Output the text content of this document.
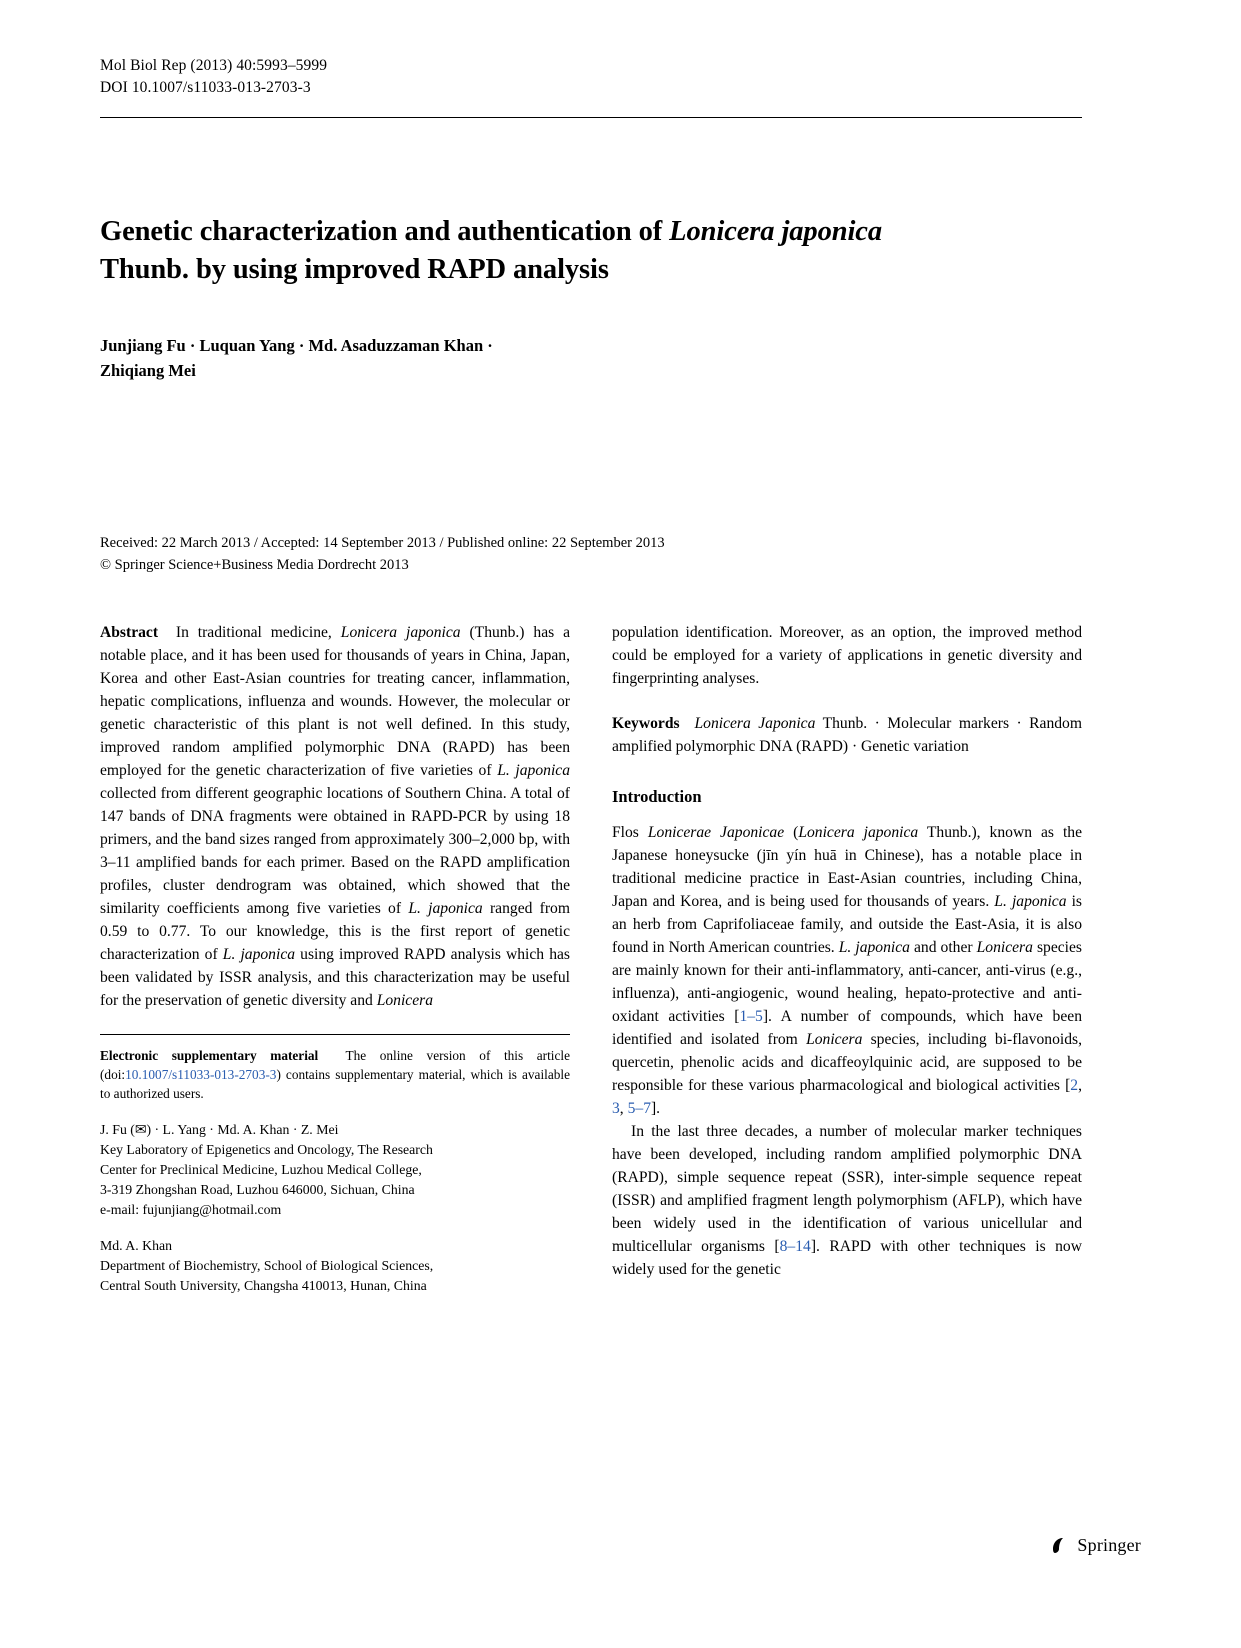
Mol Biol Rep (2013) 40:5993–5999
DOI 10.1007/s11033-013-2703-3
Genetic characterization and authentication of Lonicera japonica
Thunb. by using improved RAPD analysis
Junjiang Fu · Luquan Yang · Md. Asaduzzaman Khan ·
Zhiqiang Mei
Received: 22 March 2013 / Accepted: 14 September 2013 / Published online: 22 September 2013
© Springer Science+Business Media Dordrecht 2013

Abstract In traditional medicine, Lonicera japonica (Thunb.) has a notable place, and it has been used for thousands of years in China, Japan, Korea and other East-Asian countries for treating cancer, inflammation, hepatic complications, influenza and wounds. However, the molecular or genetic characteristic of this plant is not well defined. In this study, improved random amplified polymorphic DNA (RAPD) has been employed for the genetic characterization of five varieties of L. japonica collected from different geographic locations of Southern China. A total of 147 bands of DNA fragments were obtained in RAPD-PCR by using 18 primers, and the band sizes ranged from approximately 300–2,000 bp, with 3–11 amplified bands for each primer. Based on the RAPD amplification profiles, cluster dendrogram was obtained, which showed that the similarity coefficients among five varieties of L. japonica ranged from 0.59 to 0.77. To our knowledge, this is the first report of genetic characterization of L. japonica using improved RAPD analysis which has been validated by ISSR analysis, and this characterization may be useful for the preservation of genetic diversity and Lonicera

Electronic supplementary material The online version of this article (doi:10.1007/s11033-013-2703-3) contains supplementary material, which is available to authorized users.
J. Fu (✉) · L. Yang · Md. A. Khan · Z. Mei
Key Laboratory of Epigenetics and Oncology, The Research
Center for Preclinical Medicine, Luzhou Medical College,
3-319 Zhongshan Road, Luzhou 646000, Sichuan, China
e-mail: fujunjiang@hotmail.com
Md. A. Khan
Department of Biochemistry, School of Biological Sciences,
Central South University, Changsha 410013, Hunan, China

population identification. Moreover, as an option, the improved method could be employed for a variety of applications in genetic diversity and fingerprinting analyses.

Keywords Lonicera Japonica Thunb. · Molecular markers · Random amplified polymorphic DNA (RAPD) · Genetic variation
Introduction

Flos Lonicerae Japonicae (Lonicera japonica Thunb.), known as the Japanese honeysucke (jīn yín huā in Chinese), has a notable place in traditional medicine practice in East-Asian countries, including China, Japan and Korea, and is being used for thousands of years. L. japonica is an herb from Caprifoliaceae family, and outside the East-Asia, it is also found in North American countries. L. japonica and other Lonicera species are mainly known for their anti-inflammatory, anti-cancer, anti-virus (e.g., influenza), anti-angiogenic, wound healing, hepato-protective and anti-oxidant activities [1–5]. A number of compounds, which have been identified and isolated from Lonicera species, including bi-flavonoids, quercetin, phenolic acids and dicaffeoylquinic acid, are supposed to be responsible for these various pharmacological and biological activities [2, 3, 5–7].

In the last three decades, a number of molecular marker techniques have been developed, including random amplified polymorphic DNA (RAPD), simple sequence repeat (SSR), inter-simple sequence repeat (ISSR) and amplified fragment length polymorphism (AFLP), which have been widely used in the identification of various unicellular and multicellular organisms [8–14]. RAPD with other techniques is now widely used for the genetic

Springer
